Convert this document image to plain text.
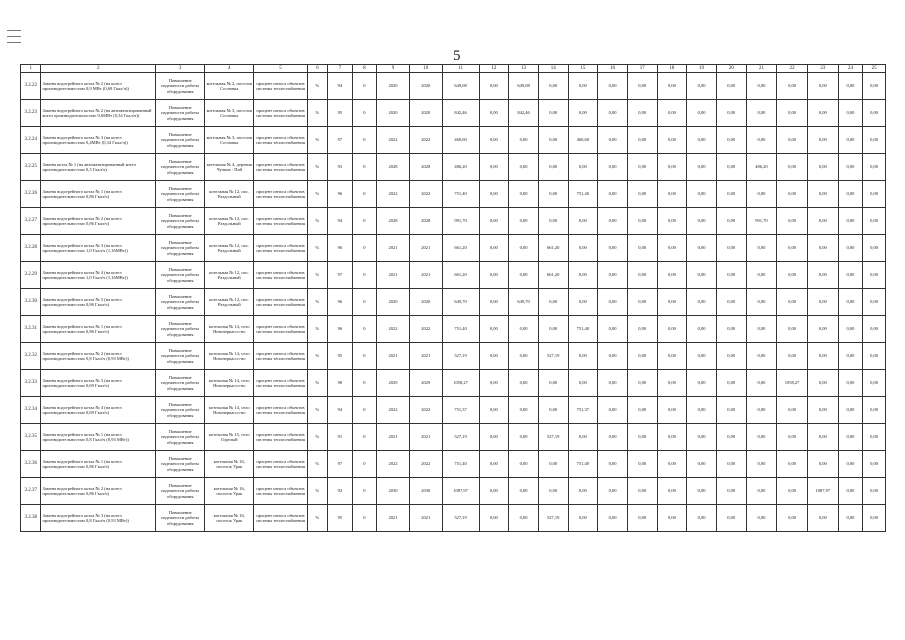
5
1	2	3	4	5	6	7	8	9	10	11	12	13	14	15	16	17	18	19	20	21	22	23	24	25
3.2.22	Замена водогрейного котла № 2 (на котел производительностью 0,9 МВт (0,69 Гкал/ч))	Повышение надежности работы оборудования	котельная № 2, поселок Сосновка	процент износа объектов системы теплоснабжения	%	94	0	2020	2020	649,08	0,00	649,08	0,00	0,00	0,00	0,00	0,00	0,00	0,00	0,00	0,00	0,00	0,00	0,00
3.2.23	Замена водогрейного котла № 2 (на автоматизированный котел производительностью 0,6МВт (0,34 Гкал/ч))	Повышение надежности работы оборудования	котельная № 3, поселок Сосновка	процент износа объектов системы теплоснабжения	%	95	0	2020	2020	842,46	0,00	842,46	0,00	0,00	0,00	0,00	0,00	0,00	0,00	0,00	0,00	0,00	0,00	0,00
3.2.24	Замена водогрейного котла № 3 (на котел производительностью 0,4МВт (0,34 Гкал/ч))	Повышение надежности работы оборудования	котельная № 3, поселок Сосновка	процент износа объектов системы теплоснабжения	%	97	0	2022	2022	460,60	0,00	0,00	0,00	460,60	0,00	0,00	0,00	0,00	0,00	0,00	0,00	0,00	0,00	0,00
3.2.25	Замена котла № 1 (на автоматизированный котел производительностью 0,3 Гкал/ч)	Повышение надежности работы оборудования	котельная № 4, деревня Чучков - Пай	процент износа объектов системы теплоснабжения	%	93	0	2028	2028	486,20	0,00	0,00	0,00	0,00	0,00	0,00	0,00	0,00	0,00	486,20	0,00	0,00	0,00	0,00
3.2.26	Замена водогрейного котла № 1 (на котел производительностью 0,86 Гкал/ч)	Повышение надежности работы оборудования	котельная № 12, пос. Раздольный	процент износа объектов системы теплоснабжения	%	96	0	2022	2022	751,40	0,00	0,00	0,00	751,40	0,00	0,00	0,00	0,00	0,00	0,00	0,00	0,00	0,00	0,00
3.2.27	Замена водогрейного котла № 2 (на котел производительностью 0,86 Гкал/ч)	Повышение надежности работы оборудования	котельная № 12, пос. Раздольный	процент износа объектов системы теплоснабжения	%	94	0	2028	2028	991,70	0,00	0,00	0,00	0,00	0,00	0,00	0,00	0,00	0,00	991,70	0,00	0,00	0,00	0,00
3.2.28	Замена водогрейного котла № 3 (на котел производительностью 1,0 Гкал/ч (1,16МВт))	Повышение надежности работы оборудования	котельная № 12, пос. Раздольный	процент износа объектов системы теплоснабжения	%	96	0	2021	2021	661,20	0,00	0,00	661,20	0,00	0,00	0,00	0,00	0,00	0,00	0,00	0,00	0,00	0,00	0,00
3.2.29	Замена водогрейного котла № 4 (на котел производительностью 1,0 Гкал/ч (1,16МВт))	Повышение надежности работы оборудования	котельная № 12, пос. Раздольный	процент износа объектов системы теплоснабжения	%	97	0	2021	2021	661,20	0,00	0,00	661,20	0,00	0,00	0,00	0,00	0,00	0,00	0,00	0,00	0,00	0,00	0,00
3.2.30	Замена водогрейного котла № 5 (на котел производительностью 0,86 Гкал/ч)	Повышение надежности работы оборудования	котельная № 12, пос. Раздольный	процент износа объектов системы теплоснабжения	%	96	0	2020	2020	649,70	0,00	649,70	0,00	0,00	0,00	0,00	0,00	0,00	0,00	0,00	0,00	0,00	0,00	0,00
3.2.31	Замена водогрейного котла № 1 (на котел производительностью 0,86 Гкал/ч)	Повышение надежности работы оборудования	котельная № 14, село Новочеркассо-во	процент износа объектов системы теплоснабжения	%	96	0	2022	2022	751,40	0,00	0,00	0,00	751,40	0,00	0,00	0,00	0,00	0,00	0,00	0,00	0,00	0,00	0,00
3.2.32	Замена водогрейного котла № 2 (на котел производительностью 0,8 Гкал/ч (0,93 МВт))	Повышение надежности работы оборудования	котельная № 14, село Новочеркассо-во	процент износа объектов системы теплоснабжения	%	95	0	2021	2021	527,19	0,00	0,00	527,19	0,00	0,00	0,00	0,00	0,00	0,00	0,00	0,00	0,00	0,00	0,00
3.2.33	Замена водогрейного котла № 3 (на котел производительностью 0,69 Гкал/ч)	Повышение надежности работы оборудования	котельная № 14, село Новочеркассо-во	процент износа объектов системы теплоснабжения	%	98	0	2029	2029	1058,27	0,00	0,00	0,00	0,00	0,00	0,00	0,00	0,00	0,00	0,00	1058,27	0,00	0,00	0,00
3.2.34	Замена водогрейного котла № 4 (на котел производительностью 0,69 Гкал/ч)	Повышение надежности работы оборудования	котельная № 14, село Новочеркассо-во	процент износа объектов системы теплоснабжения	%	94	0	2022	2022	751,37	0,00	0,00	0,00	751,37	0,00	0,00	0,00	0,00	0,00	0,00	0,00	0,00	0,00	0,00
3.2.35	Замена водогрейного котла № 1 (на котел производительностью 0,8 Гкал/ч (0,93 МВт))	Повышение надежности работы оборудования	котельная № 15, село Горелый	процент износа объектов системы теплоснабжения	%	91	0	2021	2021	527,19	0,00	0,00	527,19	0,00	0,00	0,00	0,00	0,00	0,00	0,00	0,00	0,00	0,00	0,00
3.2.36	Замена водогрейного котла № 1 (на котел производительностью 0,86 Гкал/ч)	Повышение надежности работы оборудования	котельная № 16, поселок Урак	процент износа объектов системы теплоснабжения	%	97	0	2022	2022	751,40	0,00	0,00	0,00	751,40	0,00	0,00	0,00	0,00	0,00	0,00	0,00	0,00	0,00	0,00
3.2.37	Замена водогрейного котла № 2 (на котел производительностью 0,86 Гкал/ч)	Повышение надежности работы оборудования	котельная № 16, поселок Урак	процент износа объектов системы теплоснабжения	%	92	0	2030	2030	1087,97	0,00	0,00	0,00	0,00	0,00	0,00	0,00	0,00	0,00	0,00	0,00	1087,97	0,00	0,00
3.2.38	Замена водогрейного котла № 3 (на котел производительностью 0,8 Гкал/ч (0,93 МВт))	Повышение надежности работы оборудования	котельная № 16, поселок Урак	процент износа объектов системы теплоснабжения	%	95	0	2021	2021	527,19	0,00	0,00	527,19	0,00	0,00	0,00	0,00	0,00	0,00	0,00	0,00	0,00	0,00	0,00
